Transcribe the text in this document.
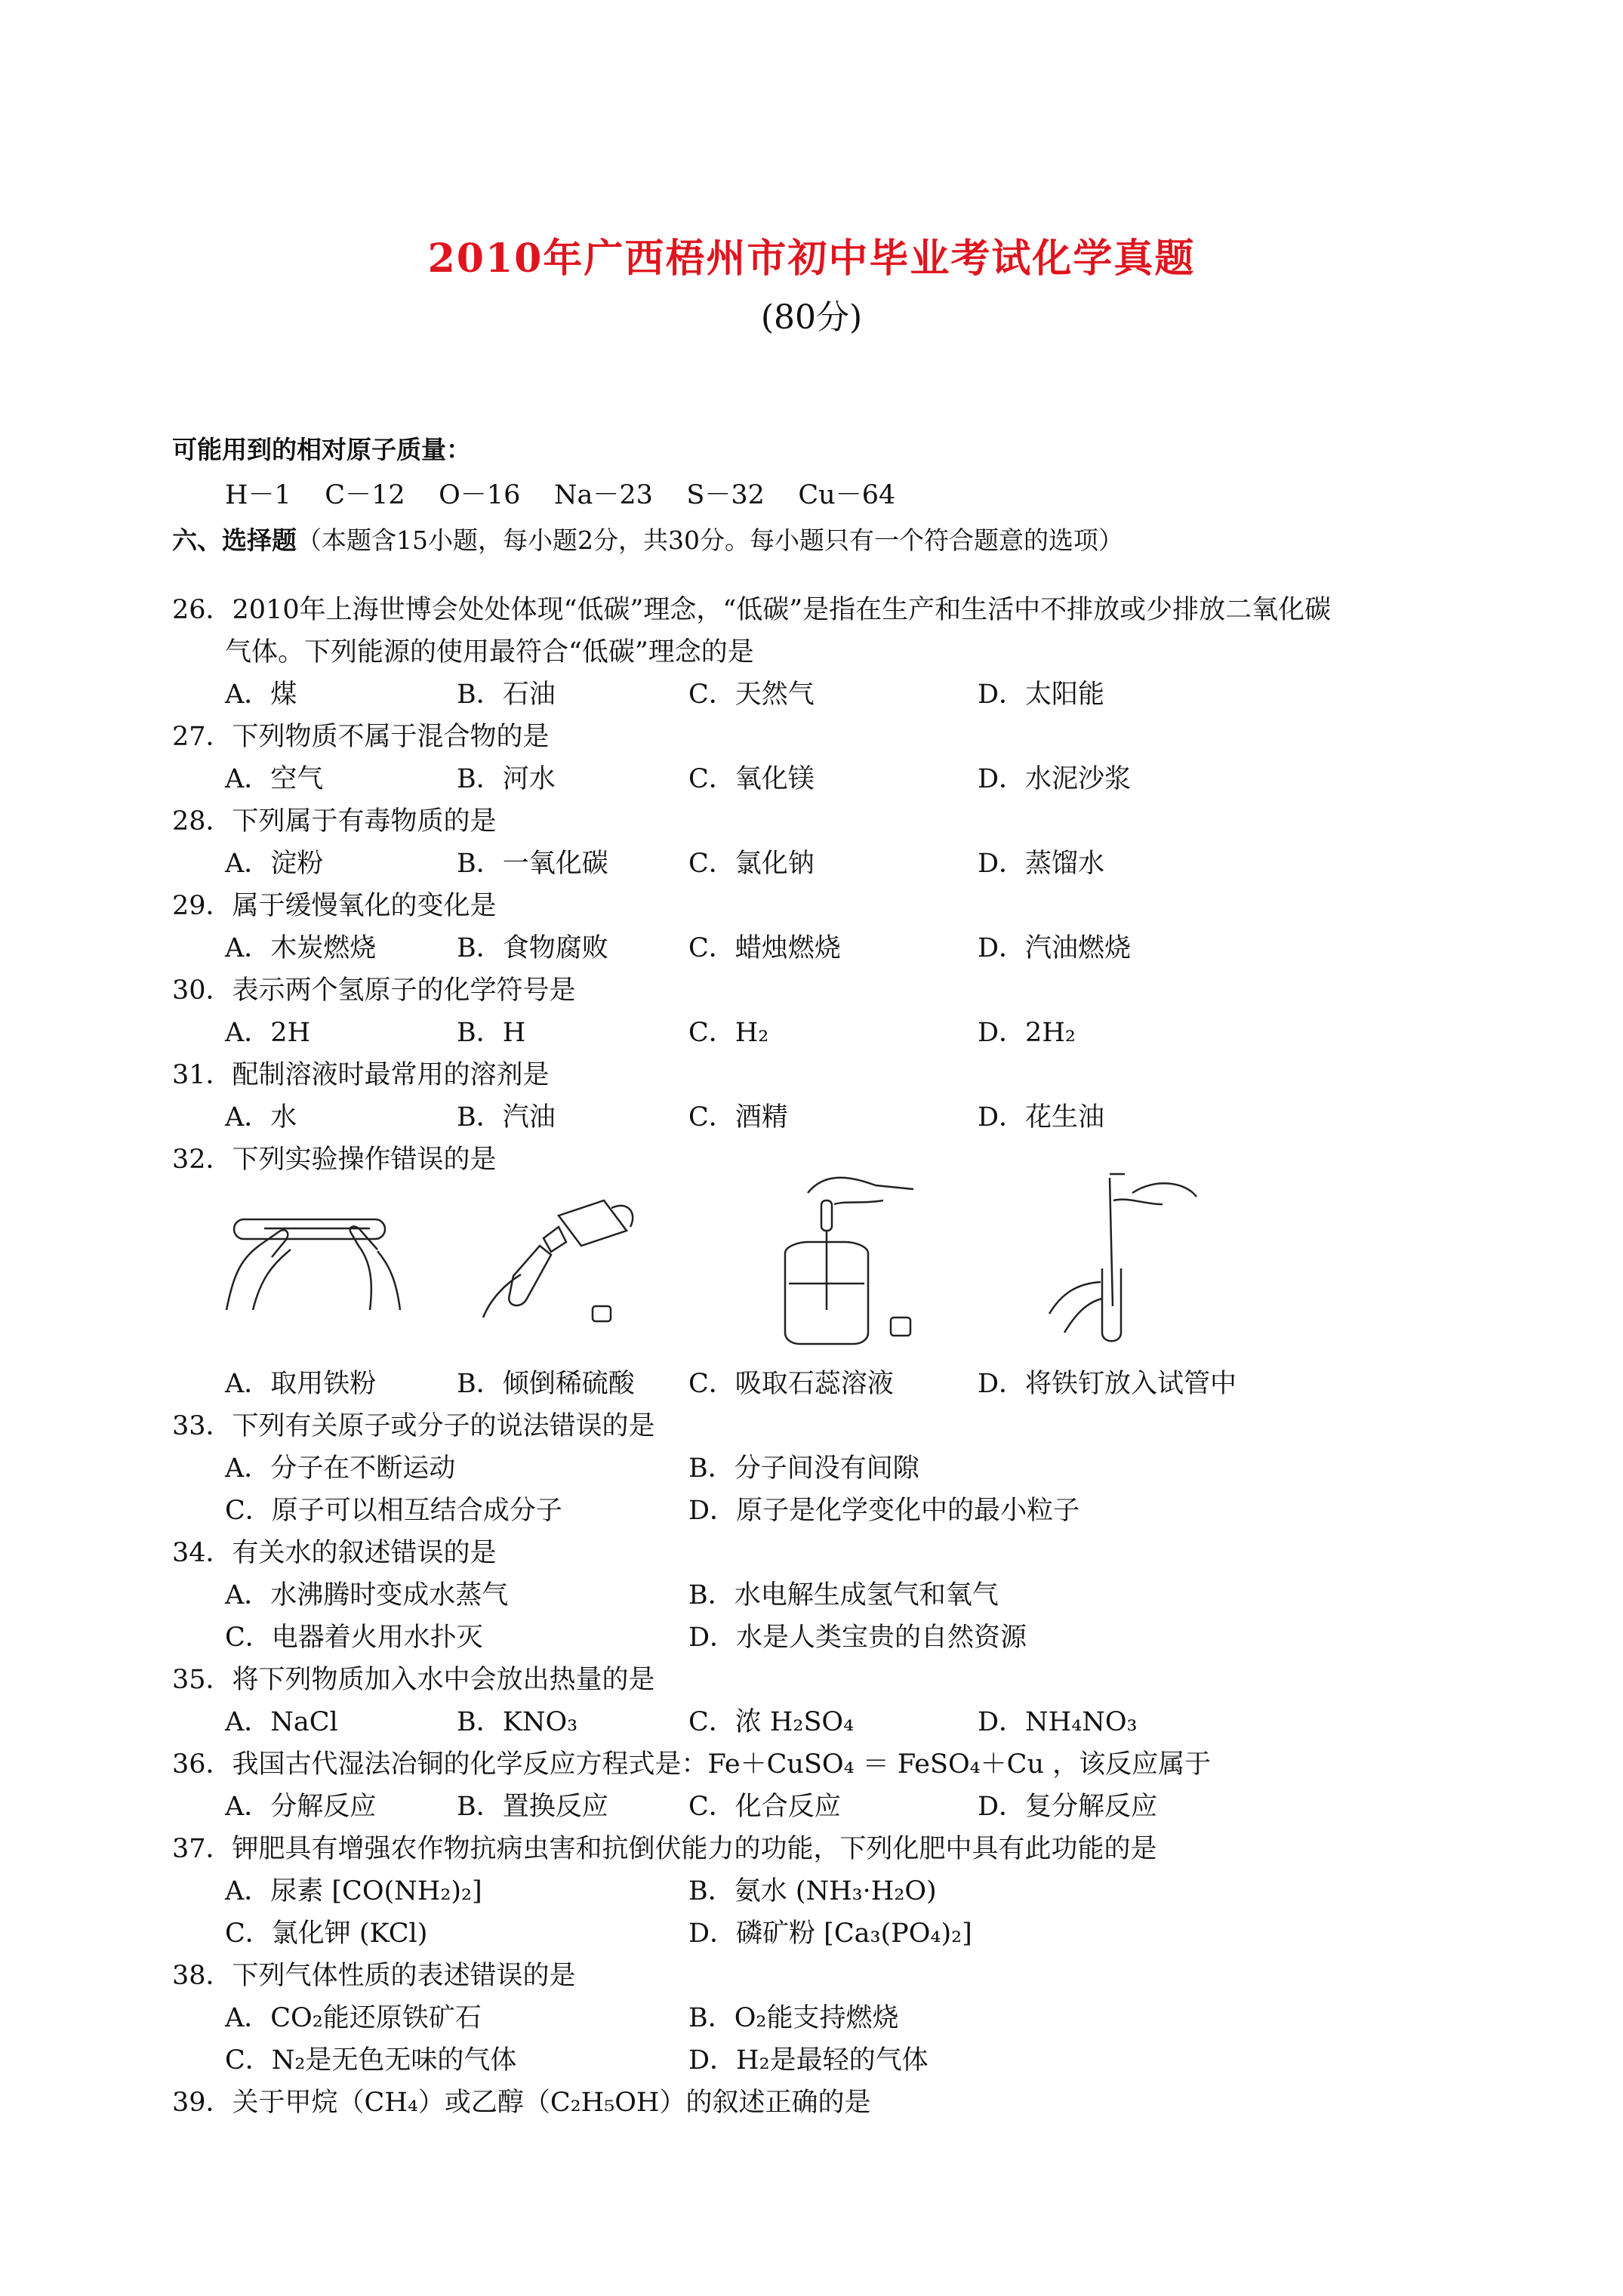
2010年广西梧州市初中毕业考试化学真题
(80分)
可能用到的相对原子质量：
H－1    C－12    O－16    Na－23    S－32    Cu－64
六、选择题（本题含15小题，每小题2分，共30分。每小题只有一个符合题意的选项）
26．2010年上海世博会处处体现“低碳”理念，“低碳”是指在生产和生活中不排放或少排放二氧化碳
气体。下列能源的使用最符合“低碳”理念的是
A．煤	B．石油	C．天然气	D．太阳能
27．下列物质不属于混合物的是
A．空气	B．河水	C．氧化镁	D．水泥沙浆
28．下列属于有毒物质的是
A．淀粉	B．一氧化碳	C．氯化钠	D．蒸馏水
29．属于缓慢氧化的变化是
A．木炭燃烧	B．食物腐败	C．蜡烛燃烧	D．汽油燃烧
30．表示两个氢原子的化学符号是
A．2H	B．H	C．H₂	D．2H₂
31．配制溶液时最常用的溶剂是
A．水	B．汽油	C．酒精	D．花生油
32．下列实验操作错误的是
A．取用铁粉	B．倾倒稀硫酸 C．吸取石蕊溶液	D．将铁钉放入试管中
33．下列有关原子或分子的说法错误的是
A．分子在不断运动	B．分子间没有间隙
C．原子可以相互结合成分子	D．原子是化学变化中的最小粒子
34．有关水的叙述错误的是
A．水沸腾时变成水蒸气	B．水电解生成氢气和氧气
C．电器着火用水扑灭	D．水是人类宝贵的自然资源
35．将下列物质加入水中会放出热量的是
A．NaCl	B．KNO₃	C．浓 H₂SO₄	D．NH₄NO₃
36．我国古代湿法冶铜的化学反应方程式是：Fe＋CuSO₄ ＝ FeSO₄＋Cu ，该反应属于
A．分解反应	B．置换反应	C．化合反应	D．复分解反应
37．钾肥具有增强农作物抗病虫害和抗倒伏能力的功能，下列化肥中具有此功能的是
A．尿素 [CO(NH₂)₂]	B．氨水 (NH₃·H₂O)
C．氯化钾 (KCl)	D．磷矿粉 [Ca₃(PO₄)₂]
38．下列气体性质的表述错误的是
A．CO₂能还原铁矿石	B．O₂能支持燃烧
C．N₂是无色无味的气体	D．H₂是最轻的气体
39．关于甲烷（CH₄）或乙醇（C₂H₅OH）的叙述正确的是
